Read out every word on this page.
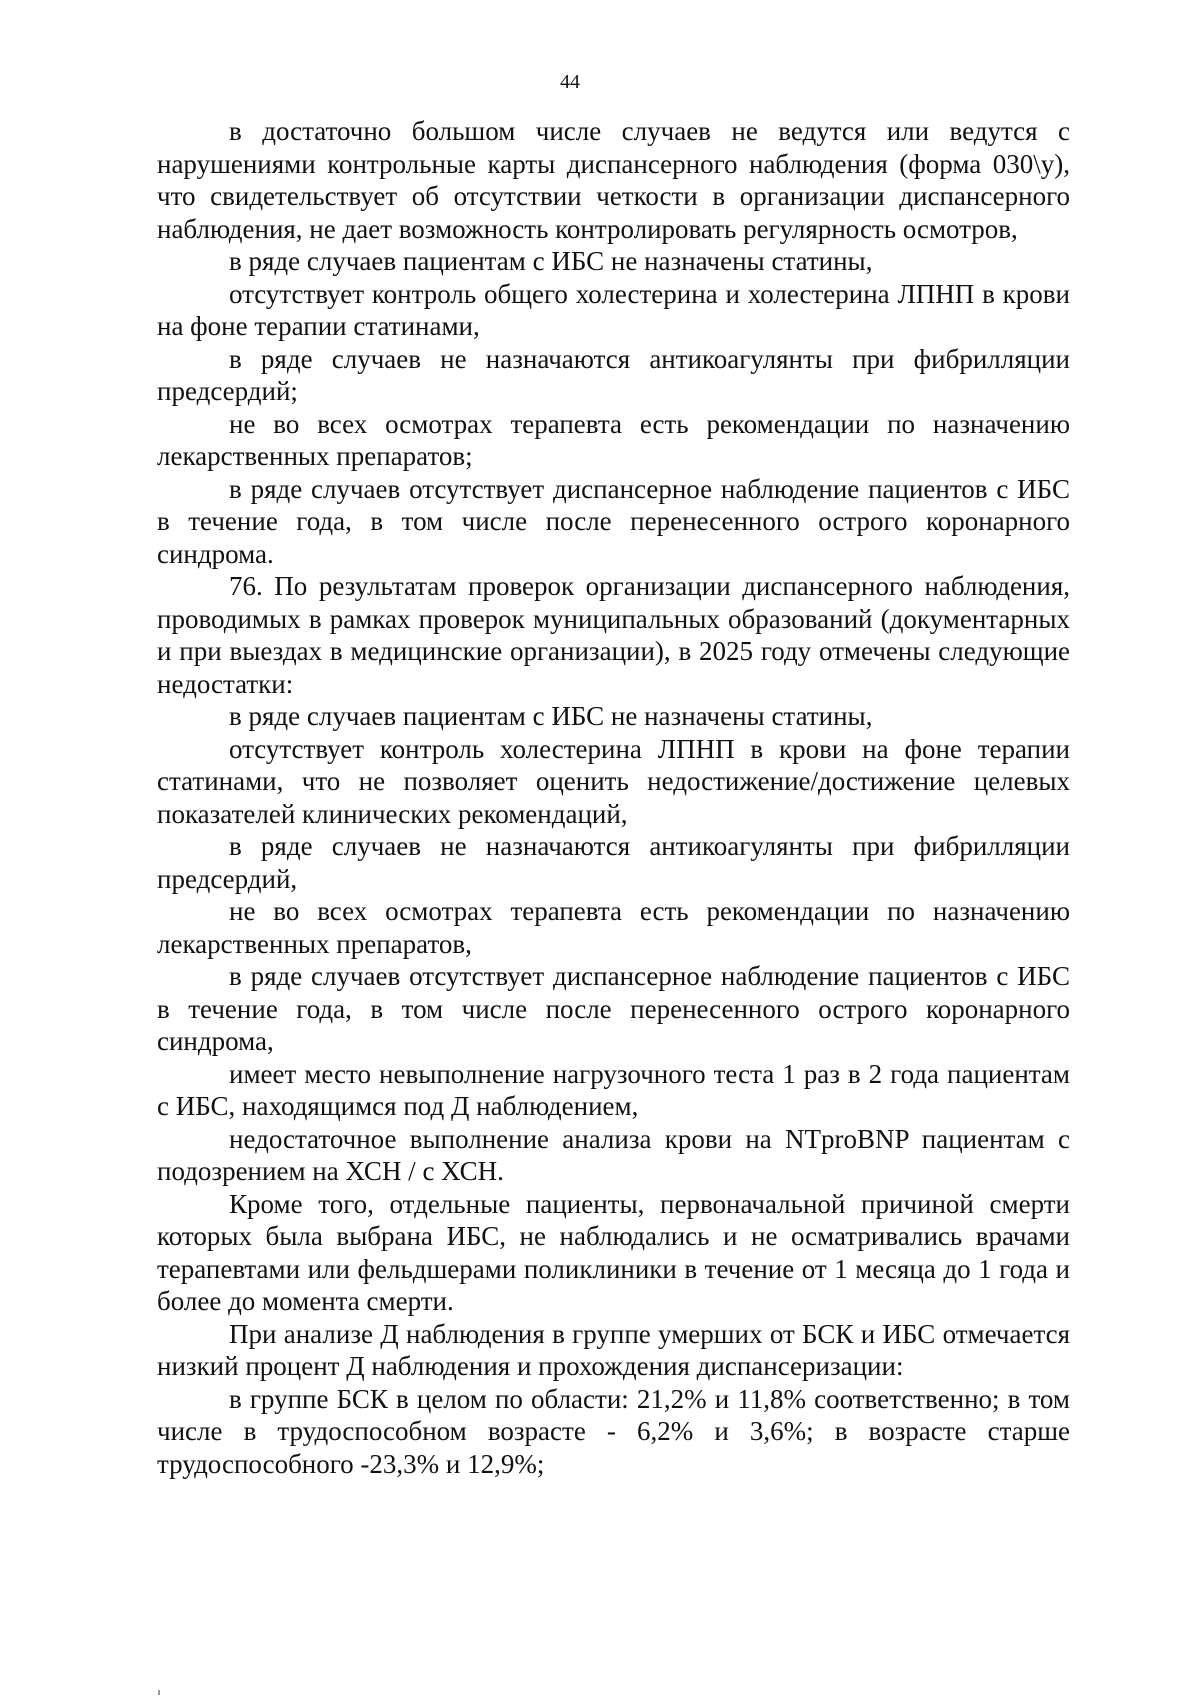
44

в достаточно большом числе случаев не ведутся или ведутся с нарушениями контрольные карты диспансерного наблюдения (форма 030\у), что свидетельствует об отсутствии четкости в организации диспансерного наблюдения, не дает возможность контролировать регулярность осмотров,

в ряде случаев пациентам с ИБС не назначены статины,

отсутствует контроль общего холестерина и холестерина ЛПНП в крови на фоне терапии статинами,

в ряде случаев не назначаются антикоагулянты при фибрилляции предсердий;

не во всех осмотрах терапевта есть рекомендации по назначению лекарственных препаратов;

в ряде случаев отсутствует диспансерное наблюдение пациентов с ИБС в течение года, в том числе после перенесенного острого коронарного синдрома.

76. По результатам проверок организации диспансерного наблюдения, проводимых в рамках проверок муниципальных образований (документарных и при выездах в медицинские организации), в 2025 году отмечены следующие недостатки:

в ряде случаев пациентам с ИБС не назначены статины,

отсутствует контроль холестерина ЛПНП в крови на фоне терапии статинами, что не позволяет оценить недостижение/достижение целевых показателей клинических рекомендаций,

в ряде случаев не назначаются антикоагулянты при фибрилляции предсердий,

не во всех осмотрах терапевта есть рекомендации по назначению лекарственных препаратов,

в ряде случаев отсутствует диспансерное наблюдение пациентов с ИБС в течение года, в том числе после перенесенного острого коронарного синдрома,

имеет место невыполнение нагрузочного теста 1 раз в 2 года пациентам с ИБС, находящимся под Д наблюдением,

недостаточное выполнение анализа крови на NTproBNP пациентам с подозрением на ХСН / с ХСН.

Кроме того, отдельные пациенты, первоначальной причиной смерти которых была выбрана ИБС, не наблюдались и не осматривались врачами терапевтами или фельдшерами поликлиники в течение от 1 месяца до 1 года и более до момента смерти.

При анализе Д наблюдения в группе умерших от БСК и ИБС отмечается низкий процент Д наблюдения и прохождения диспансеризации:

в группе БСК в целом по области: 21,2% и 11,8% соответственно; в том числе в трудоспособном возрасте - 6,2% и 3,6%; в возрасте старше трудоспособного -23,3% и 12,9%;
